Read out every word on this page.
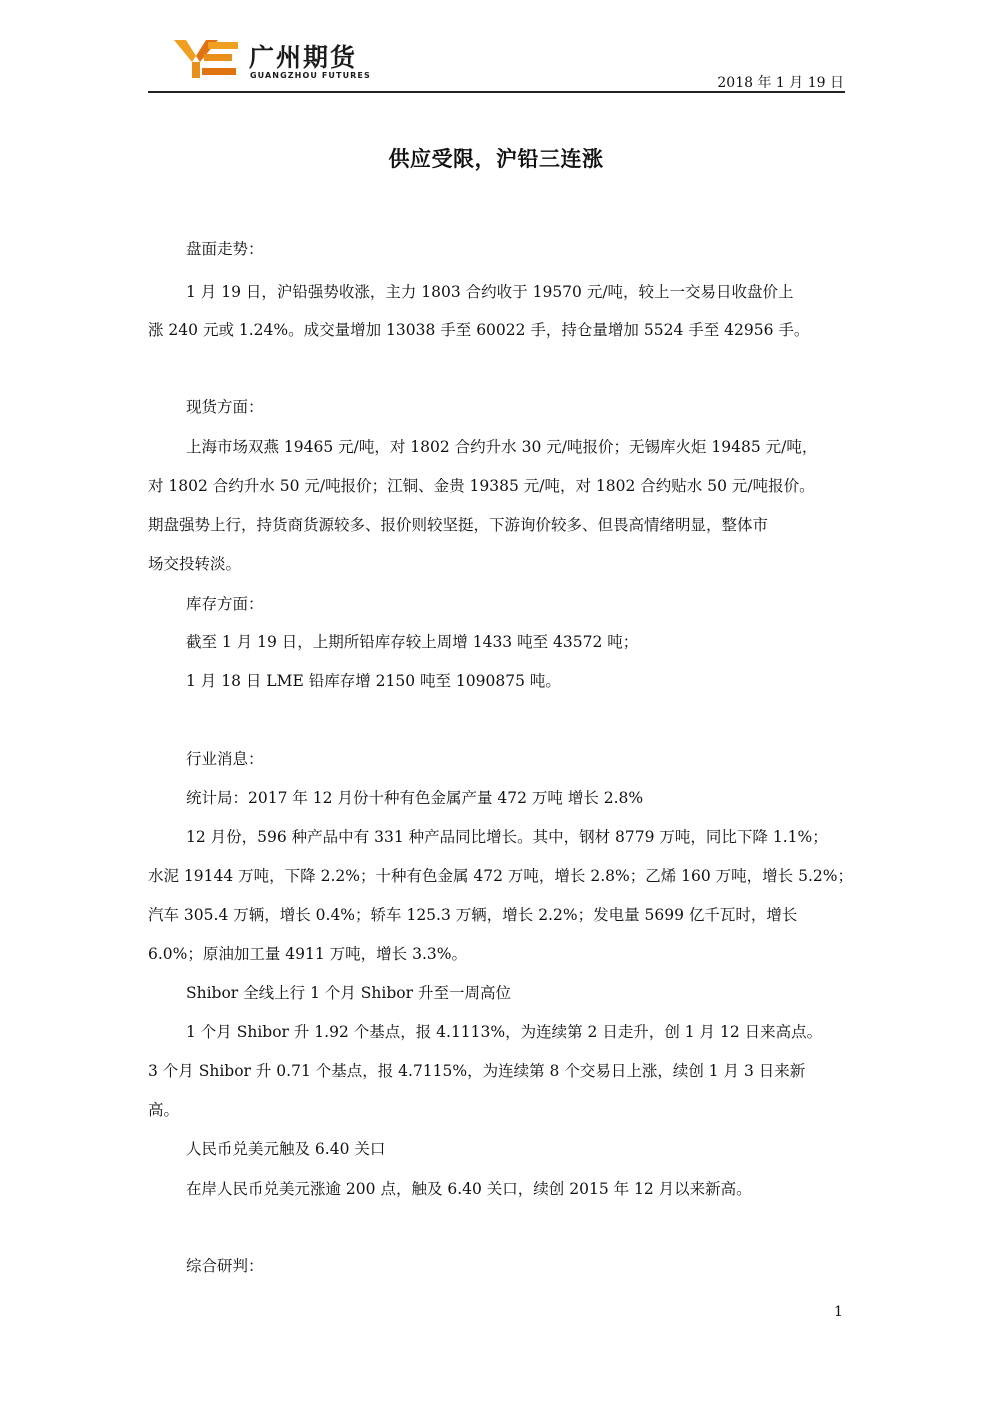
广州期货
GUANGZHOU FUTURES	2018 年 1 月 19 日
供应受限，沪铅三连涨
盘面走势：
1 月 19 日，沪铅强势收涨，主力 1803 合约收于 19570 元/吨，较上一交易日收盘价上
涨 240 元或 1.24%。成交量增加 13038 手至 60022 手，持仓量增加 5524 手至 42956 手。
现货方面：
上海市场双燕 19465 元/吨，对 1802 合约升水 30 元/吨报价；无锡库火炬 19485 元/吨，
对 1802 合约升水 50 元/吨报价；江铜、金贵 19385 元/吨，对 1802 合约贴水 50 元/吨报价。
期盘强势上行，持货商货源较多、报价则较坚挺，下游询价较多、但畏高情绪明显，整体市
场交投转淡。
库存方面：
截至 1 月 19 日，上期所铅库存较上周增 1433 吨至 43572 吨；
1 月 18 日 LME 铅库存增 2150 吨至 1090875 吨。
行业消息：
统计局：2017 年 12 月份十种有色金属产量 472 万吨 增长 2.8%
12 月份，596 种产品中有 331 种产品同比增长。其中，钢材 8779 万吨，同比下降 1.1%；
水泥 19144 万吨，下降 2.2%；十种有色金属 472 万吨，增长 2.8%；乙烯 160 万吨，增长 5.2%；
汽车 305.4 万辆，增长 0.4%；轿车 125.3 万辆，增长 2.2%；发电量 5699 亿千瓦时，增长
6.0%；原油加工量 4911 万吨，增长 3.3%。
Shibor 全线上行 1 个月 Shibor 升至一周高位
1 个月 Shibor 升 1.92 个基点，报 4.1113%，为连续第 2 日走升，创 1 月 12 日来高点。
3 个月 Shibor 升 0.71 个基点，报 4.7115%，为连续第 8 个交易日上涨，续创 1 月 3 日来新
高。
人民币兑美元触及 6.40 关口
在岸人民币兑美元涨逾 200 点，触及 6.40 关口，续创 2015 年 12 月以来新高。
综合研判：
1
